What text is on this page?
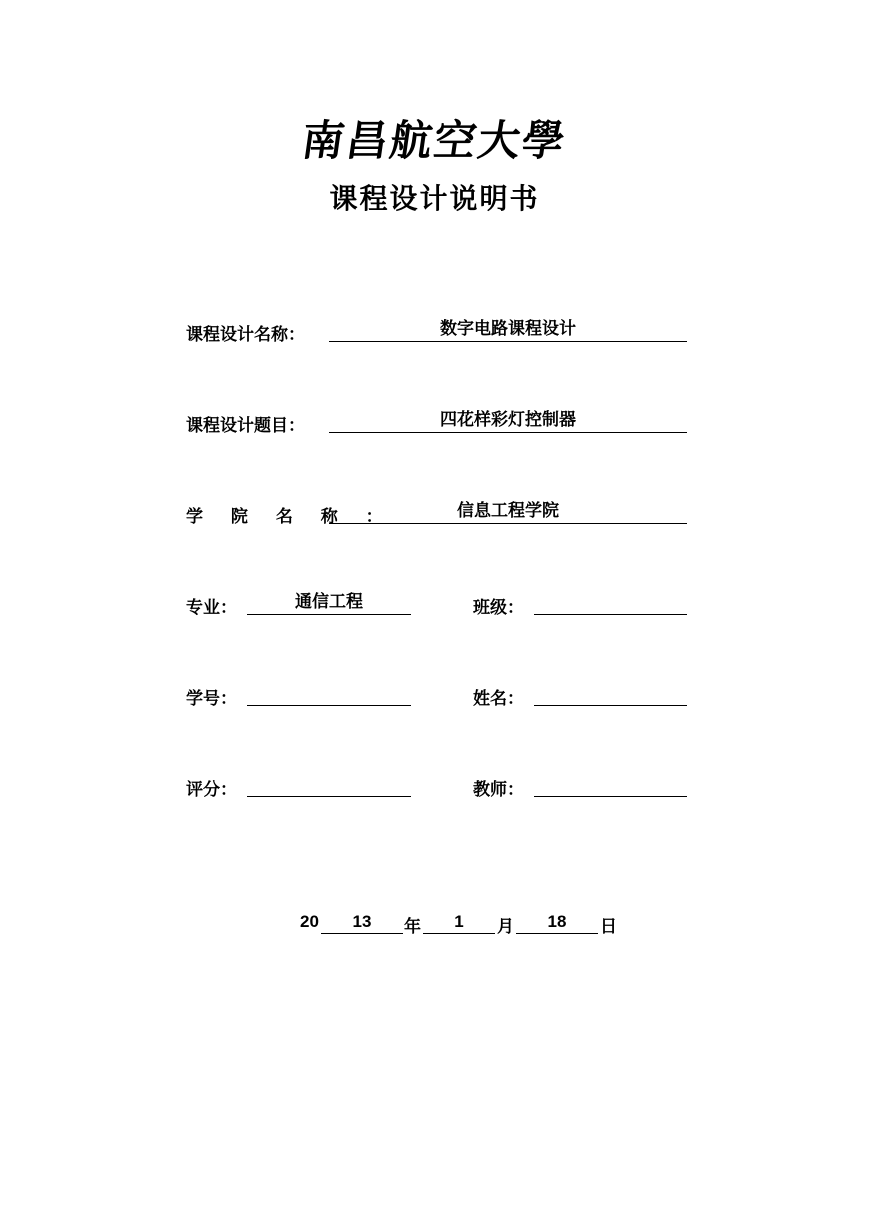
南昌航空大學
课程设计说明书
课程设计名称：	数字电路课程设计
课程设计题目：	四花样彩灯控制器
学 院 名 称 ：	信息工程学院
专业：	通信工程	班级：
学号：	姓名：
评分：	教师：
20	13	年	1	月	18	日
